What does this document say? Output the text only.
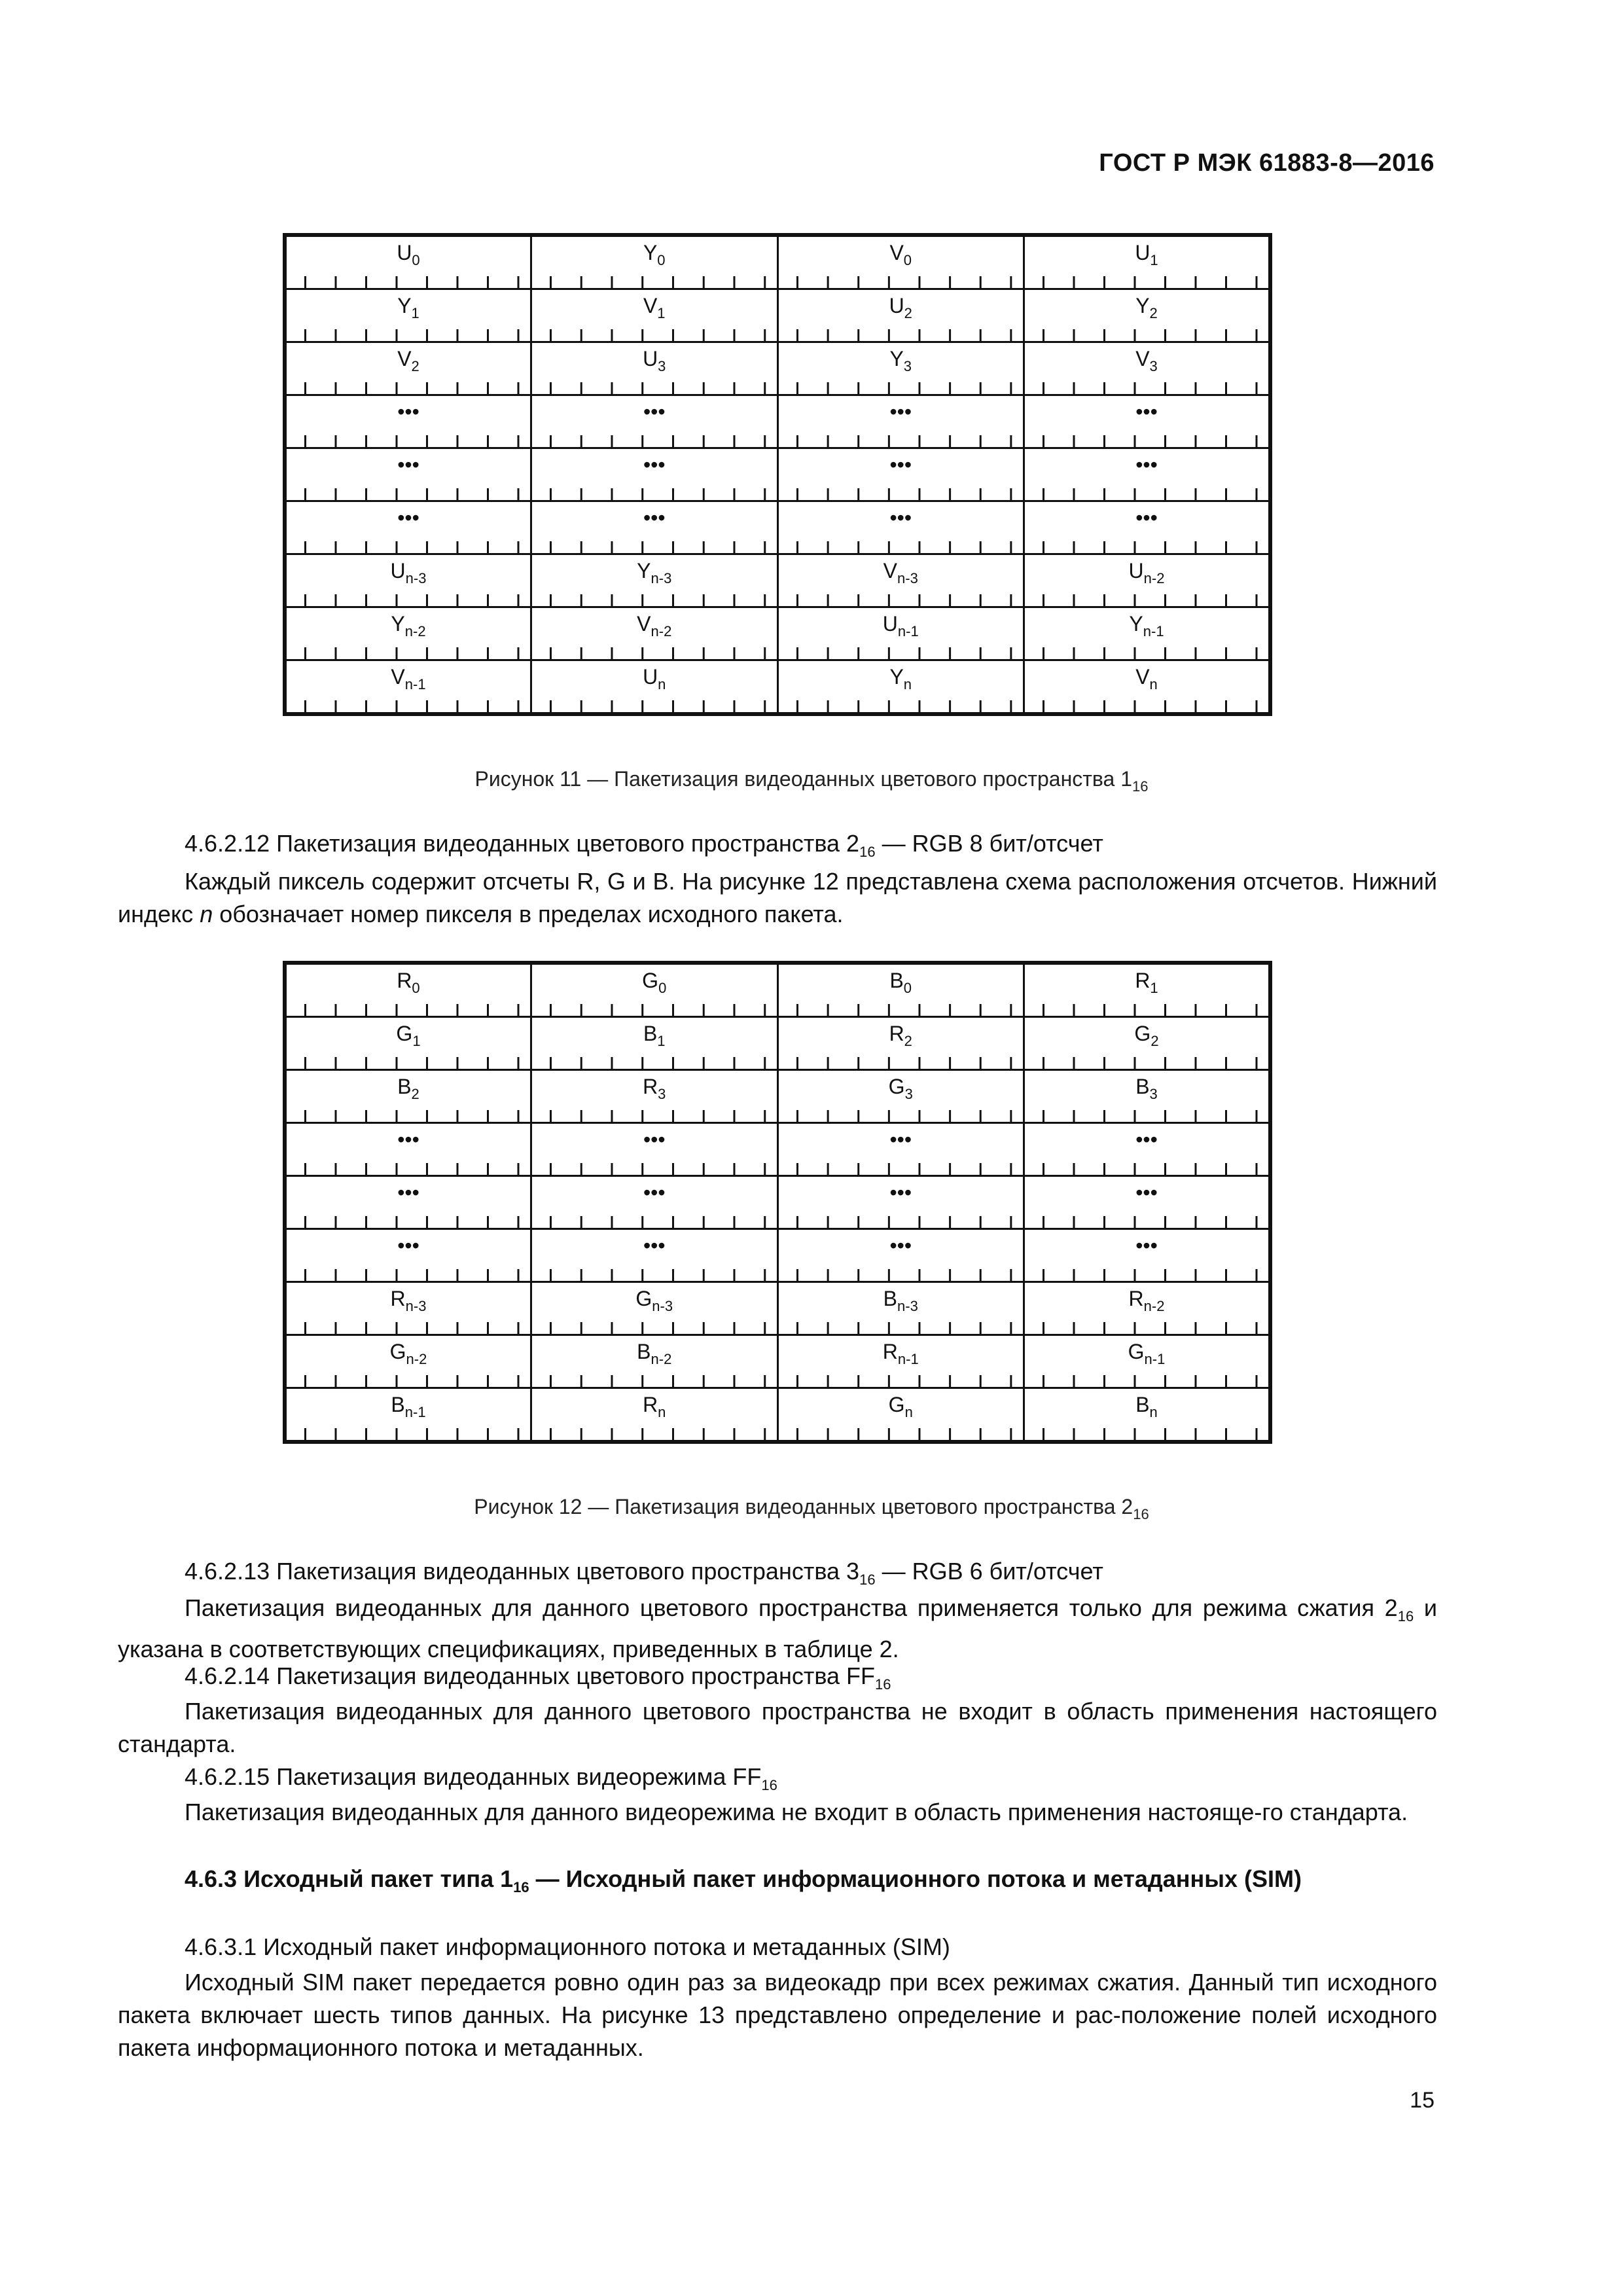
ГОСТ Р МЭК 61883-8—2016
$U_0$	$Y_0$	$V_0$	$U_1$

$Y_1$	$V_1$	$U_2$	$Y_2$

$V_2$	$U_3$	$Y_3$	$V_3$

•••	•••	•••	•••

•••	•••	•••	•••

•••	•••	•••	•••

$U_{n-3}$	$Y_{n-3}$	$V_{n-3}$	$U_{n-2}$

$Y_{n-2}$	$V_{n-2}$	$U_{n-1}$	$Y_{n-1}$

$V_{n-1}$	$U_n$	$Y_n$	$V_n$
Рисунок 11 — Пакетизация видеоданных цветового пространства $1_{16}$
4.6.2.12 Пакетизация видеоданных цветового пространства $2_{16}$ — RGB 8 бит/отсчет
Каждый пиксель содержит отсчеты R, G и B. На рисунке 12 представлена схема расположения отсчетов. Нижний индекс n обозначает номер пикселя в пределах исходного пакета.
$R_0$	$G_0$	$B_0$	$R_1$

$G_1$	$B_1$	$R_2$	$G_2$

$B_2$	$R_3$	$G_3$	$B_3$

•••	•••	•••	•••

•••	•••	•••	•••

•••	•••	•••	•••

$R_{n-3}$	$G_{n-3}$	$B_{n-3}$	$R_{n-2}$

$G_{n-2}$	$B_{n-2}$	$R_{n-1}$	$G_{n-1}$

$B_{n-1}$	$R_n$	$G_n$	$B_n$
Рисунок 12 — Пакетизация видеоданных цветового пространства $2_{16}$
4.6.2.13 Пакетизация видеоданных цветового пространства $3_{16}$ — RGB 6 бит/отсчет
Пакетизация видеоданных для данного цветового пространства применяется только для режима сжатия $2_{16}$ и указана в соответствующих спецификациях, приведенных в таблице 2.
4.6.2.14 Пакетизация видеоданных цветового пространства $FF_{16}$
Пакетизация видеоданных для данного цветового пространства не входит в область применения настоящего стандарта.
4.6.2.15 Пакетизация видеоданных видеорежима $FF_{16}$
Пакетизация видеоданных для данного видеорежима не входит в область применения настояще-го стандарта.
4.6.3 Исходный пакет типа $1_{16}$ — Исходный пакет информационного потока и метаданных (SIM)
4.6.3.1 Исходный пакет информационного потока и метаданных (SIM)
Исходный SIM пакет передается ровно один раз за видеокадр при всех режимах сжатия. Данный тип исходного пакета включает шесть типов данных. На рисунке 13 представлено определение и рас-положение полей исходного пакета информационного потока и метаданных.
15
